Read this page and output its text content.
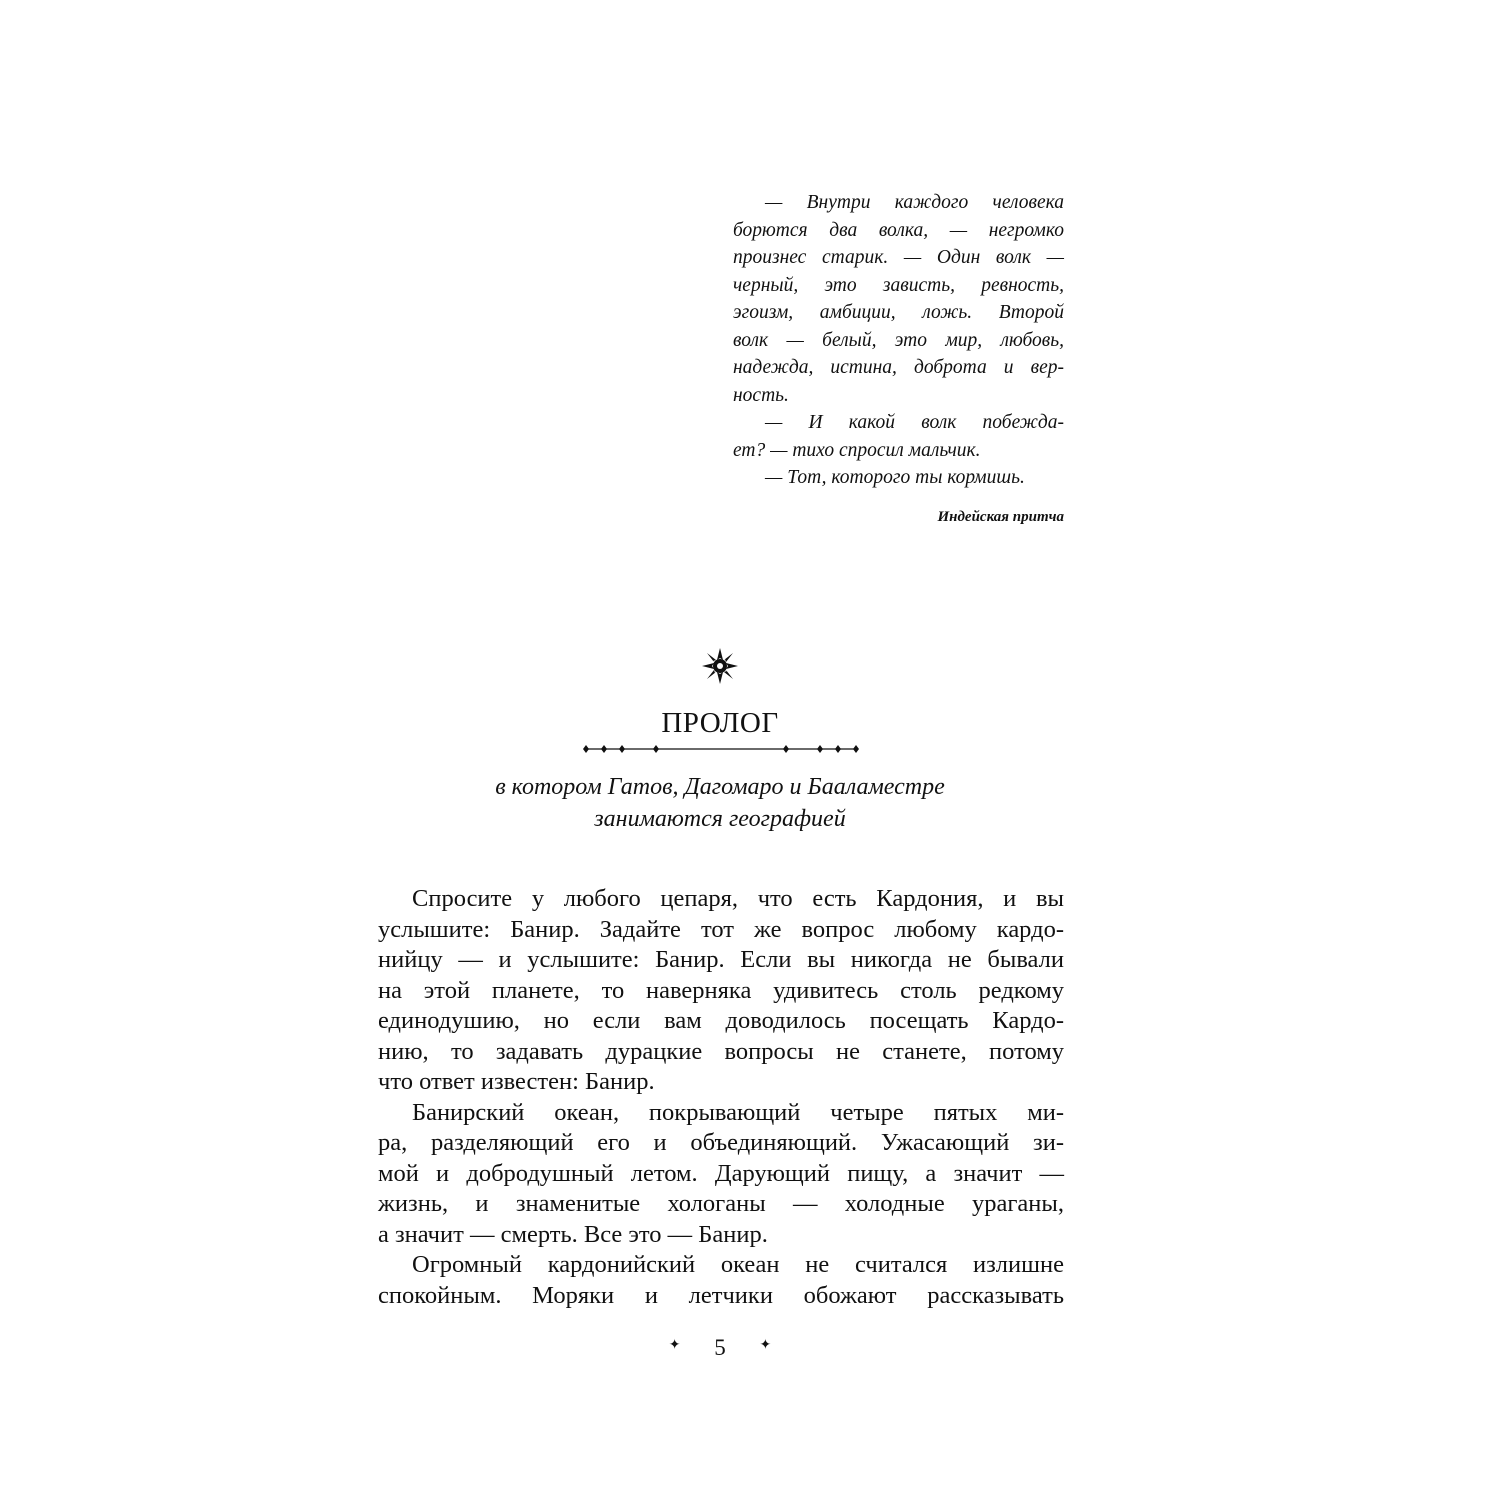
— Внутри каждого человека
борются два волка, — негромко
произнес старик. — Один волк —
черный, это зависть, ревность,
эгоизм, амбиции, ложь. Второй
волк — белый, это мир, любовь,
надежда, истина, доброта и вер-
ность.
— И какой волк побежда-
ет? — тихо спросил мальчик.
— Тот, которого ты кормишь.
Индейская притча
ПРОЛОГ
в котором Гатов, Дагомаро и Бааламестре
занимаются географией
Спросите у любого цепаря, что есть Кардония, и вы
услышите: Банир. Задайте тот же вопрос любому кардо-
нийцу — и услышите: Банир. Если вы никогда не бывали
на этой планете, то наверняка удивитесь столь редкому
единодушию, но если вам доводилось посещать Кардо-
нию, то задавать дурацкие вопросы не станете, потому
что ответ известен: Банир.
Банирский океан, покрывающий четыре пятых ми-
ра, разделяющий его и объединяющий. Ужасающий зи-
мой и добродушный летом. Дарующий пищу, а значит —
жизнь, и знаменитые хологаны — холодные ураганы,
а значит — смерть. Все это — Банир.
Огромный кардонийский океан не считался излишне
спокойным. Моряки и летчики обожают рассказывать
✦ 5 ✦
